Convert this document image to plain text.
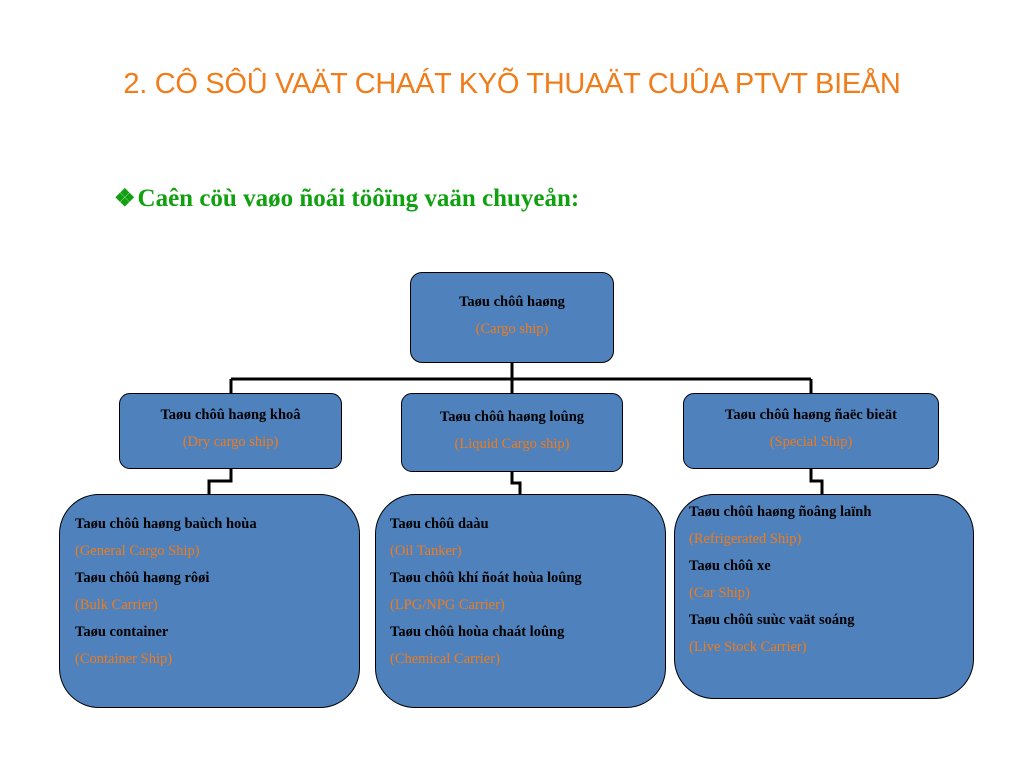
2. CÔ SÔÛ VAÄT CHAÁT KYÕ THUAÄT CUÛA PTVT BIEÅN
❖Caên cöù vaøo ñoái töôïng vaän chuyeån:
Taøu chôû haøng
(Cargo ship)
Taøu chôû haøng khoâ
(Dry cargo ship)
Taøu chôû haøng loûng
(Liquid Cargo ship)
Taøu chôû haøng ñaëc bieät
(Special Ship)
Taøu chôû haøng baùch hoùa
(General Cargo Ship)
Taøu chôû haøng rôøi
(Bulk Carrier)
Taøu container
(Container Ship)
Taøu chôû daàu
(Oil Tanker)
Taøu chôû khí ñoát hoùa loûng
(LPG/NPG Carrier)
Taøu chôû hoùa chaát loûng
(Chemical Carrier)
Taøu chôû haøng ñoâng laïnh
(Refrigerated Ship)
Taøu chôû xe
(Car Ship)
Taøu chôû suùc vaät soáng
(Live Stock Carrier)
